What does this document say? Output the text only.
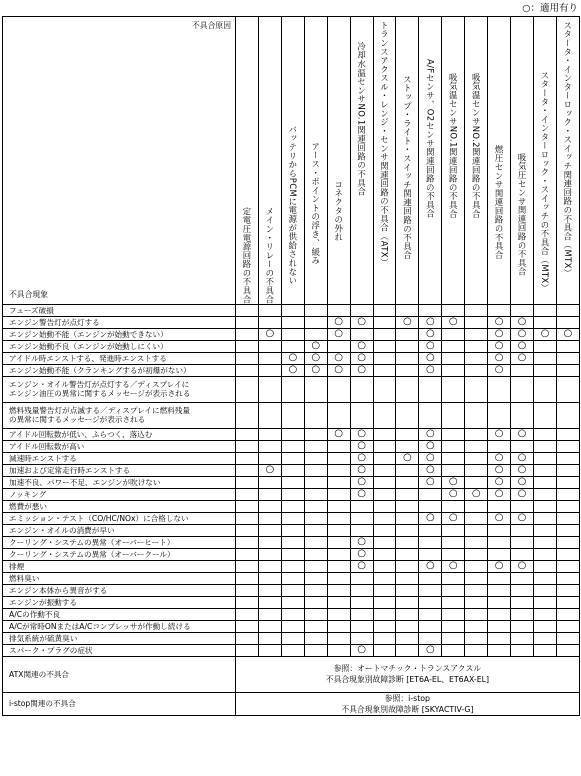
○：適用有り
不具合原因
不具合現象	定電圧電源回路の不具合	メイン・リレーの不具合	バッテリからPCMに電源が供給されない	アース・ポイントの浮き、緩み	コネクタの外れ	冷却水温センサNO.1関連回路の不具合	トランスアクスル・レンジ・センサ関連回路の不具合（ATX）	ストップ・ライト・スイッチ関連回路の不具合	A/Fセンサ、O2センサ関連回路の不具合	吸気温センサNO.1関連回路の不具合	吸気温センサNO.2関連回路の不具合	燃圧センサ関連回路の不具合	吸気圧センサ関連回路の不具合	スタータ・インターロック・スイッチの不具合（MTX）	スタータ・インターロック・スイッチ関連回路の不具合（MTX）

フューズ破損															
エンジン警告灯が点灯する					○	○		○	○	○		○	○		
エンジン始動不能（エンジンが始動できない）		○			○				○			○	○	○	○
エンジン始動不良（エンジンが始動しにくい）				○		○			○			○	○		
アイドル時エンストする、発進時エンストする			○	○	○	○			○			○	○		
エンジン始動不能（クランキングするが初爆がない）			○	○	○	○			○			○			

エンジン・オイル警告灯が点灯する／ディスプレイに
エンジン油圧の異常に関するメッセージが表示される															

燃料残量警告灯が点滅する／ディスプレイに燃料残量
の異常に関するメッセージが表示される															

アイドル回転数が低い、ふらつく、落込む					○	○			○			○	○		
アイドル回転数が高い						○			○						
減速時エンストする						○		○	○			○	○		
加速および定常走行時エンストする		○				○			○			○	○		
加速不良、パワー不足、エンジンが吹けない						○			○	○		○	○		
ノッキング						○				○	○	○	○		
燃費が悪い															
エミッション・テスト（CO/HC/NOx）に合格しない									○	○		○	○		
エンジン・オイルの消費が早い															
クーリング・システムの異常（オーバーヒート）						○									
クーリング・システムの異常（オーバークール）						○									
排煙						○			○	○		○	○		
燃料臭い															
エンジン本体から異音がする															
エンジンが振動する															
A/Cの作動不良															
A/Cが常時ONまたはA/Cコンプレッサが作動し続ける															
排気系統が硫黄臭い															
スパーク・プラグの症状						○			○						
ATX関連の不具合	参照：オートマチック・トランスアクスル
不具合現象別故障診断 [ET6A-EL、ET6AX-EL]														

i-stop関連の不具合	参照：i-stop
不具合現象別故障診断 [SKYACTIV-G]														
